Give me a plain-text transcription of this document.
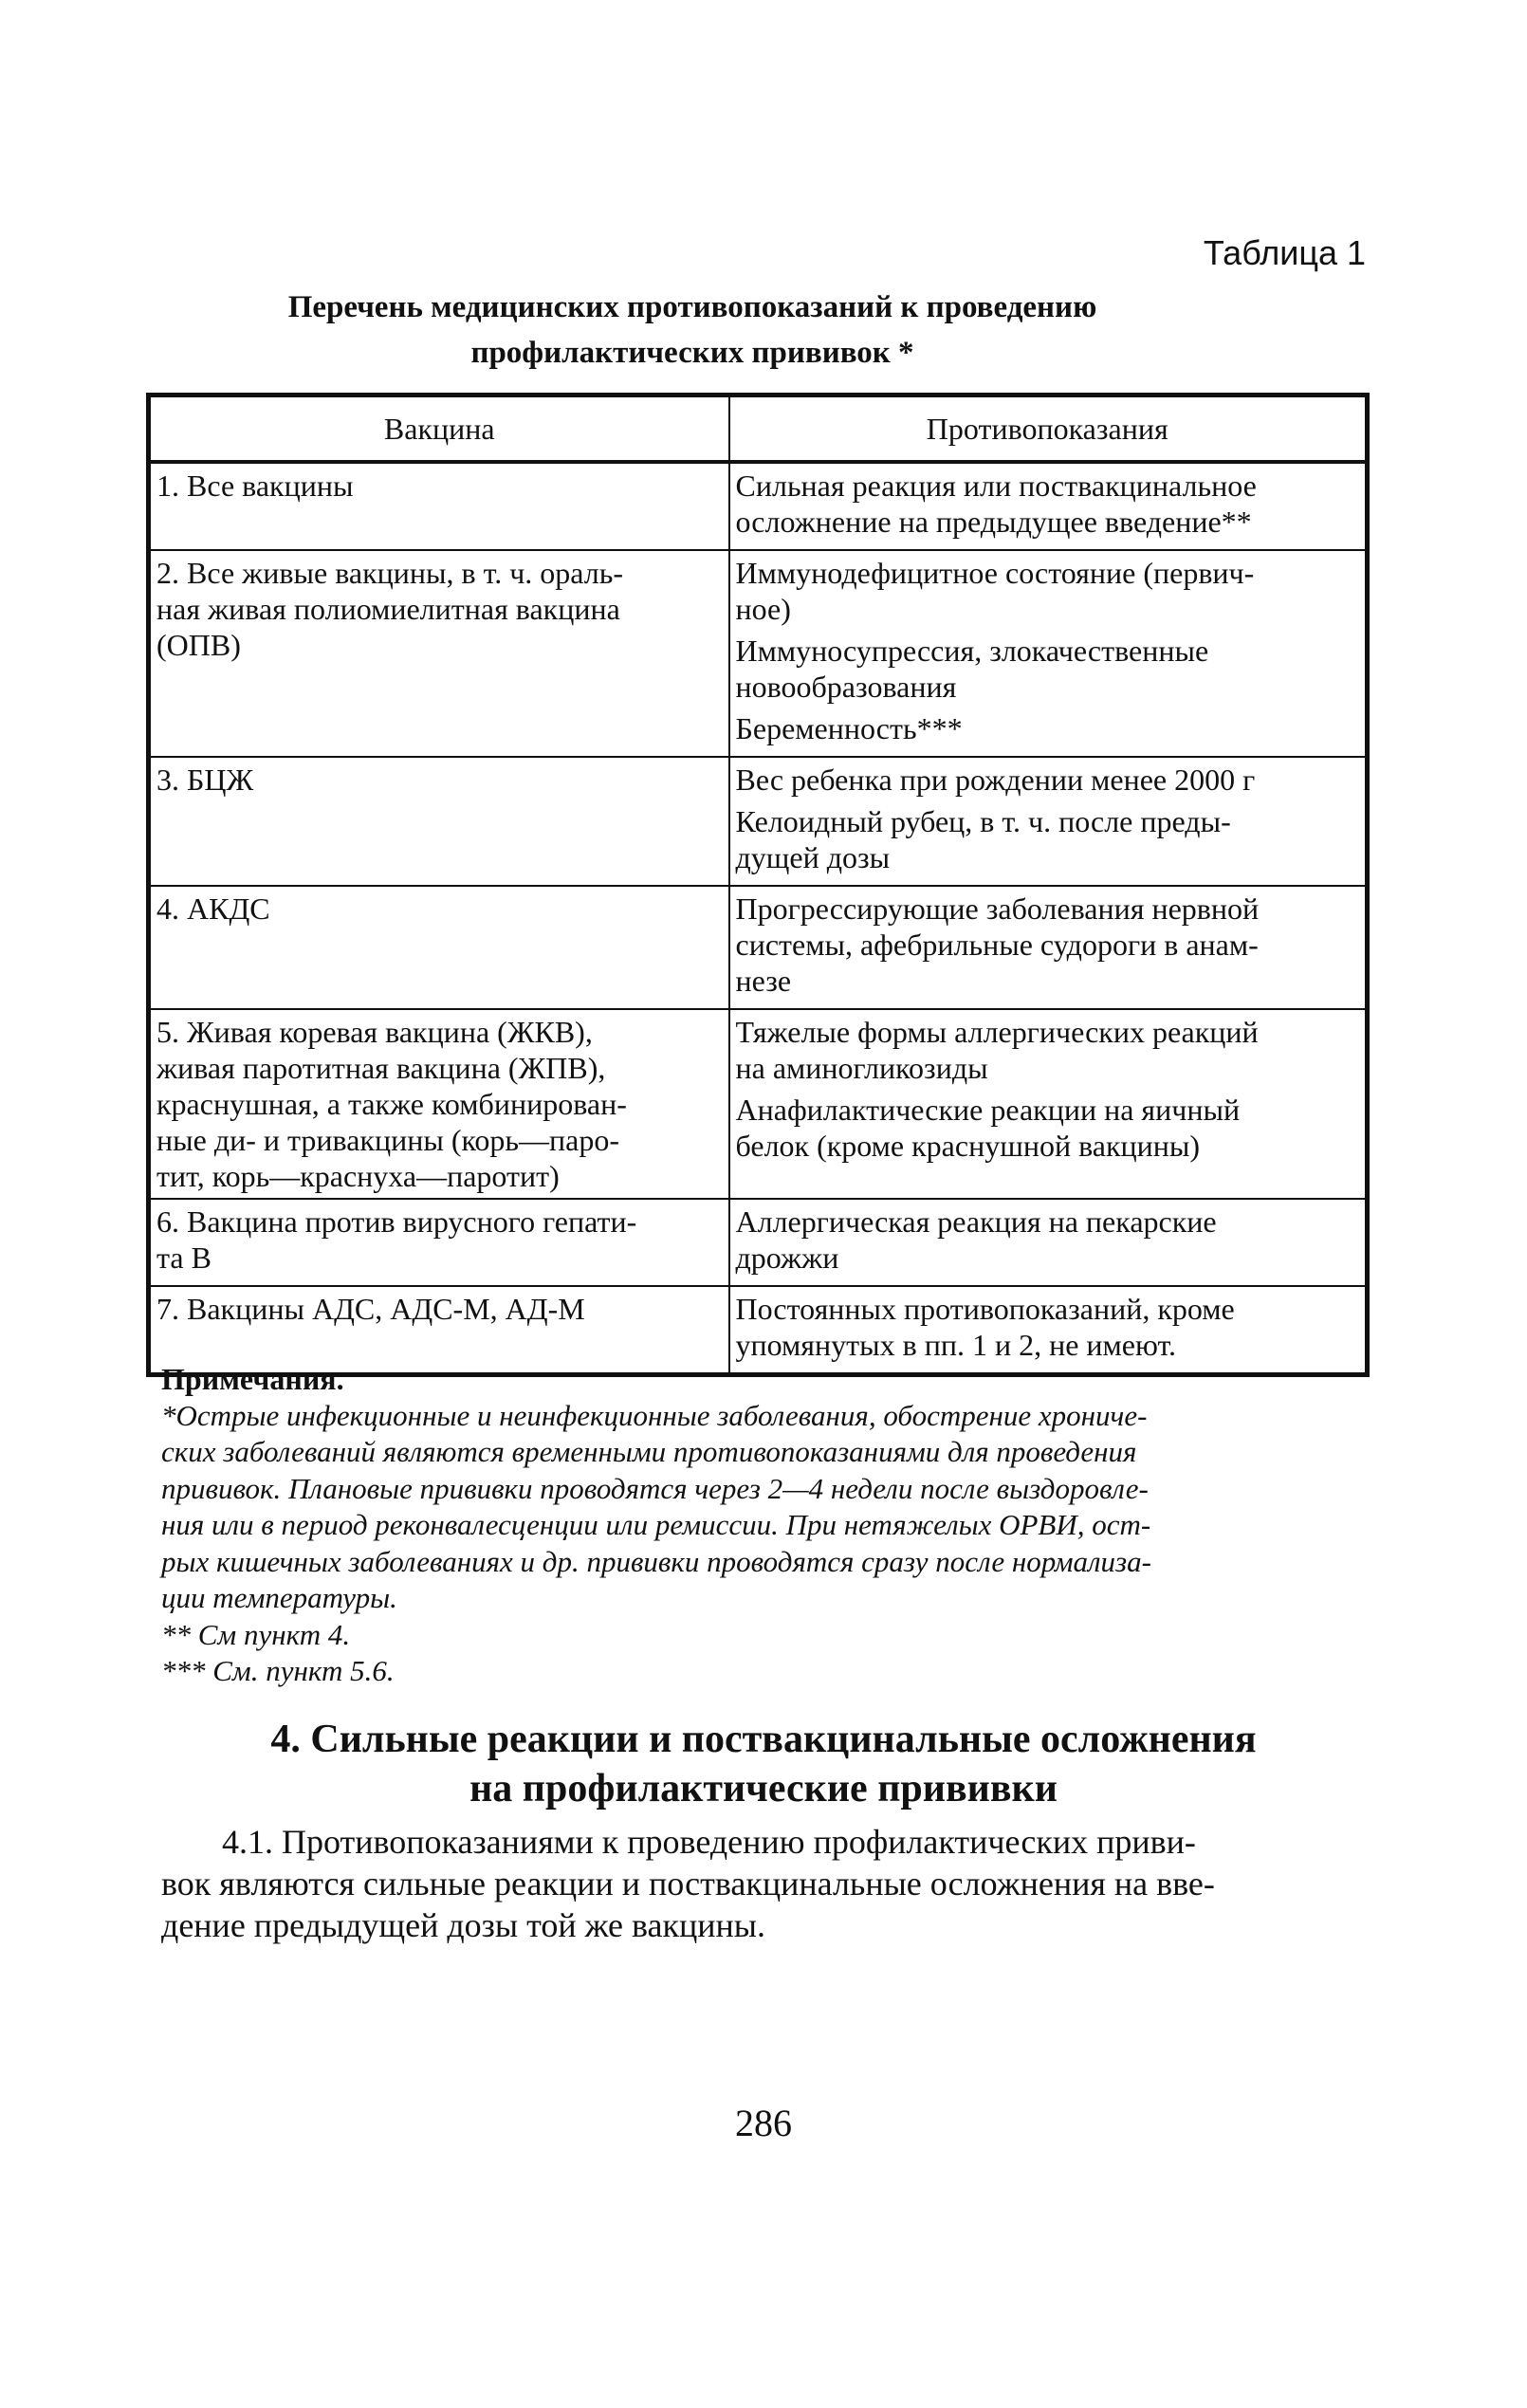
Таблица 1
Перечень медицинских противопоказаний к проведению
профилактических прививок *
Вакцина	Противопоказания

1. Все вакцины	Сильная реакция или поствакцинальное
осложнение на предыдущее введение**

2. Все живые вакцины, в т. ч. ораль-
ная живая полиомиелитная вакцина
(ОПВ)	Иммунодефицитное состояние (первич-
ное)
Иммуносупрессия, злокачественные
новообразования
Беременность***

3. БЦЖ	Вес ребенка при рождении менее 2000 г
Келоидный рубец, в т. ч. после преды-
дущей дозы

4. АКДС	Прогрессирующие заболевания нервной
системы, афебрильные судороги в анам-
незе

5. Живая коревая вакцина (ЖКВ),
живая паротитная вакцина (ЖПВ),
краснушная, а также комбинирован-
ные ди- и тривакцины (корь—паро-
тит, корь—краснуха—паротит)	Тяжелые формы аллергических реакций
на аминогликозиды
Анафилактические реакции на яичный
белок (кроме краснушной вакцины)

6. Вакцина против вирусного гепати-
та В	Аллергическая реакция на пекарские
дрожжи

7. Вакцины АДС, АДС-М, АД-М	Постоянных противопоказаний, кроме
упомянутых в пп. 1 и 2, не имеют.
Примечания.
*Острые инфекционные и неинфекционные заболевания, обострение хрониче-
ских заболеваний являются временными противопоказаниями для проведения
прививок. Плановые прививки проводятся через 2—4 недели после выздоровле-
ния или в период реконвалесценции или ремиссии. При нетяжелых ОРВИ, ост-
рых кишечных заболеваниях и др. прививки проводятся сразу после нормализа-
ции температуры.
** См пункт 4.
*** См. пункт 5.6.
4. Сильные реакции и поствакцинальные осложнения
на профилактические прививки
4.1. Противопоказаниями к проведению профилактических приви-
вок являются сильные реакции и поствакцинальные осложнения на вве-
дение предыдущей дозы той же вакцины.
286
